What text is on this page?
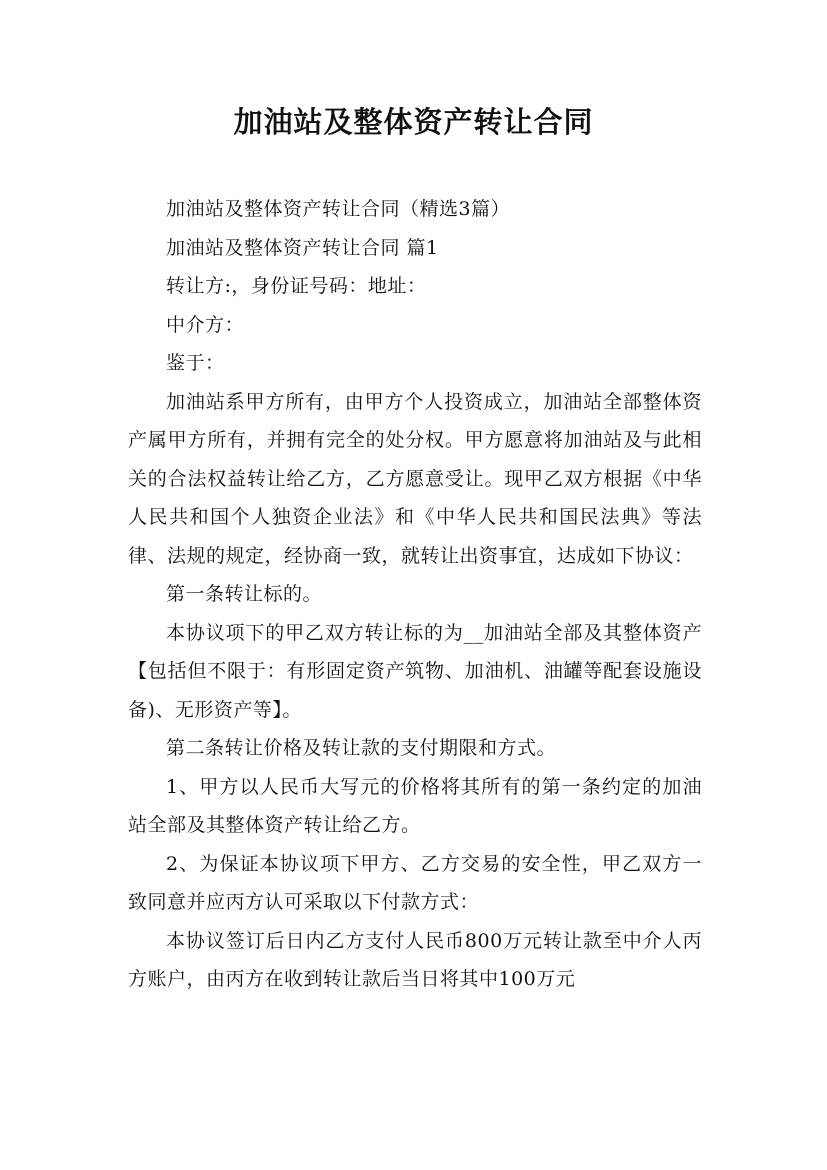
加油站及整体资产转让合同

加油站及整体资产转让合同（精选3篇）

加油站及整体资产转让合同 篇1

转让方:，身份证号码：地址：

中介方：

鉴于：

加油站系甲方所有，由甲方个人投资成立，加油站全部整体资产属甲方所有，并拥有完全的处分权。甲方愿意将加油站及与此相关的合法权益转让给乙方，乙方愿意受让。现甲乙双方根据《中华人民共和国个人独资企业法》和《中华人民共和国民法典》等法律、法规的规定，经协商一致，就转让出资事宜，达成如下协议：

第一条转让标的。

本协议项下的甲乙双方转让标的为__加油站全部及其整体资产【包括但不限于：有形固定资产筑物、加油机、油罐等配套设施设备)、无形资产等】。

第二条转让价格及转让款的支付期限和方式。

1、甲方以人民币大写元的价格将其所有的第一条约定的加油站全部及其整体资产转让给乙方。

2、为保证本协议项下甲方、乙方交易的安全性，甲乙双方一致同意并应丙方认可采取以下付款方式：

本协议签订后日内乙方支付人民币800万元转让款至中介人丙方账户，由丙方在收到转让款后当日将其中100万元
